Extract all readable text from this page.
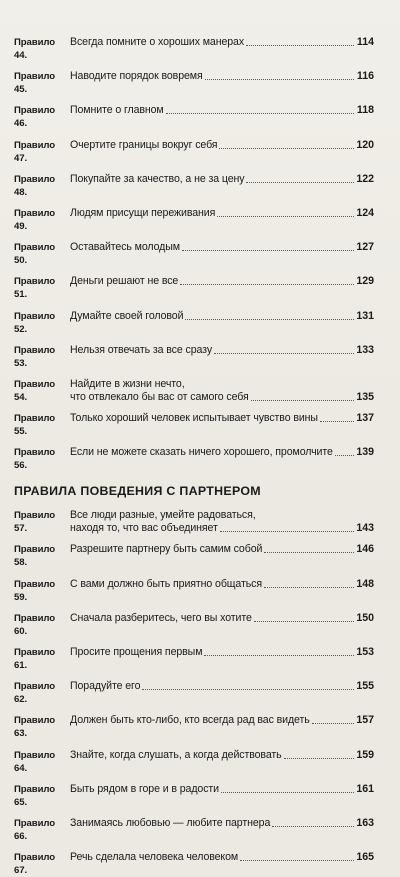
Правило 44.
Всегда помните о хороших манерах	114
Правило 45.
Наводите порядок вовремя	116
Правило 46.
Помните о главном	118
Правило 47.
Очертите границы вокруг себя	120
Правило 48.
Покупайте за качество, а не за цену	122
Правило 49.
Людям присущи переживания	124
Правило 50.
Оставайтесь молодым	127
Правило 51.
Деньги решают не все	129
Правило 52.
Думайте своей головой	131
Правило 53.
Нельзя отвечать за все сразу	133
Правило 54.
Найдите в жизни нечто,
что отвлекало бы вас от самого себя	135
Правило 55.
Только хороший человек испытывает чувство вины	137
Правило 56.
Если не можете сказать ничего хорошего, промолчите 139
ПРАВИЛА ПОВЕДЕНИЯ С ПАРТНЕРОМ
Правило 57.
Все люди разные, умейте радоваться,
находя то, что вас объединяет	143
Правило 58.
Разрешите партнеру быть самим собой	146
Правило 59.
С вами должно быть приятно общаться	148
Правило 60.
Сначала разберитесь, чего вы хотите	150
Правило 61.
Просите прощения первым	153
Правило 62.
Порадуйте его	155
Правило 63.
Должен быть кто-либо, кто всегда рад вас видеть	157
Правило 64.
Знайте, когда слушать, а когда действовать	159
Правило 65.
Быть рядом в горе и в радости	161
Правило 66.
Занимаясь любовью — любите партнера	163
Правило 67.
Речь сделала человека человеком	165
